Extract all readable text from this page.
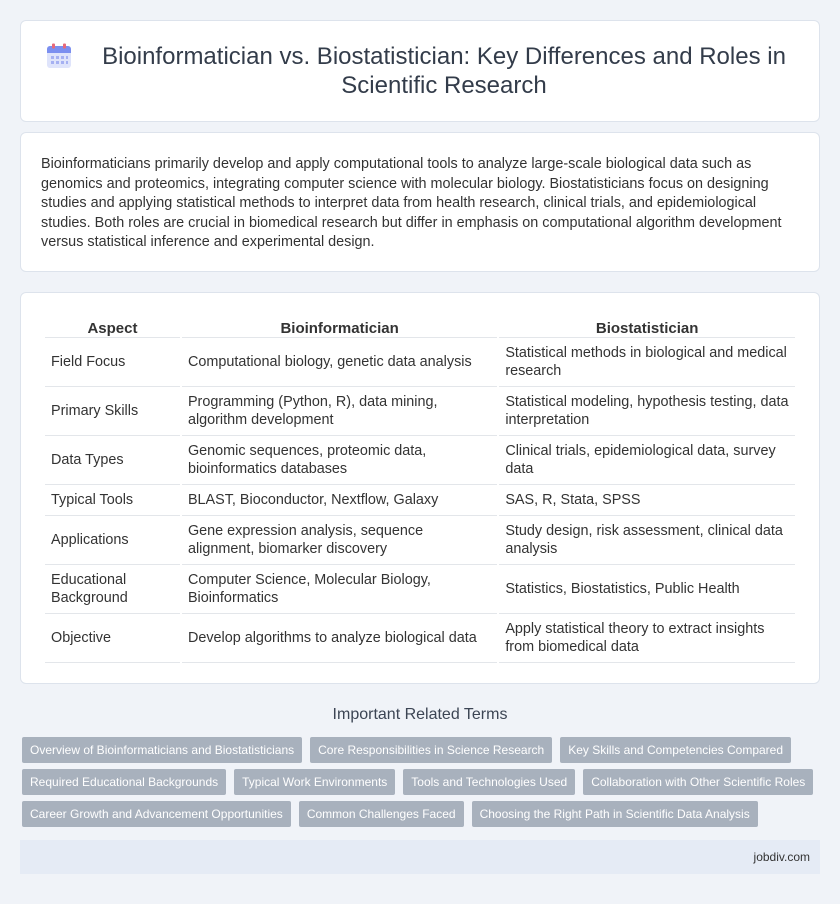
Bioinformatician vs. Biostatistician: Key Differences and Roles in Scientific Research

Bioinformaticians primarily develop and apply computational tools to analyze large-scale biological data such as genomics and proteomics, integrating computer science with molecular biology. Biostatisticians focus on designing studies and applying statistical methods to interpret data from health research, clinical trials, and epidemiological studies. Both roles are crucial in biomedical research but differ in emphasis on computational algorithm development versus statistical inference and experimental design.

Aspect	Bioinformatician	Biostatistician
Field Focus	Computational biology, genetic data analysis	Statistical methods in biological and medical research
Primary Skills	Programming (Python, R), data mining, algorithm development	Statistical modeling, hypothesis testing, data interpretation
Data Types	Genomic sequences, proteomic data, bioinformatics databases	Clinical trials, epidemiological data, survey data
Typical Tools	BLAST, Bioconductor, Nextflow, Galaxy	SAS, R, Stata, SPSS
Applications	Gene expression analysis, sequence alignment, biomarker discovery	Study design, risk assessment, clinical data analysis
Educational Background	Computer Science, Molecular Biology, Bioinformatics	Statistics, Biostatistics, Public Health
Objective	Develop algorithms to analyze biological data	Apply statistical theory to extract insights from biomedical data
Important Related Terms
Overview of Bioinformaticians and Biostatisticians	Core Responsibilities in Science Research	Key Skills and Competencies Compared
Required Educational Backgrounds	Typical Work Environments	Tools and Technologies Used	Collaboration with Other Scientific Roles
Career Growth and Advancement Opportunities	Common Challenges Faced	Choosing the Right Path in Scientific Data Analysis
jobdiv.com
